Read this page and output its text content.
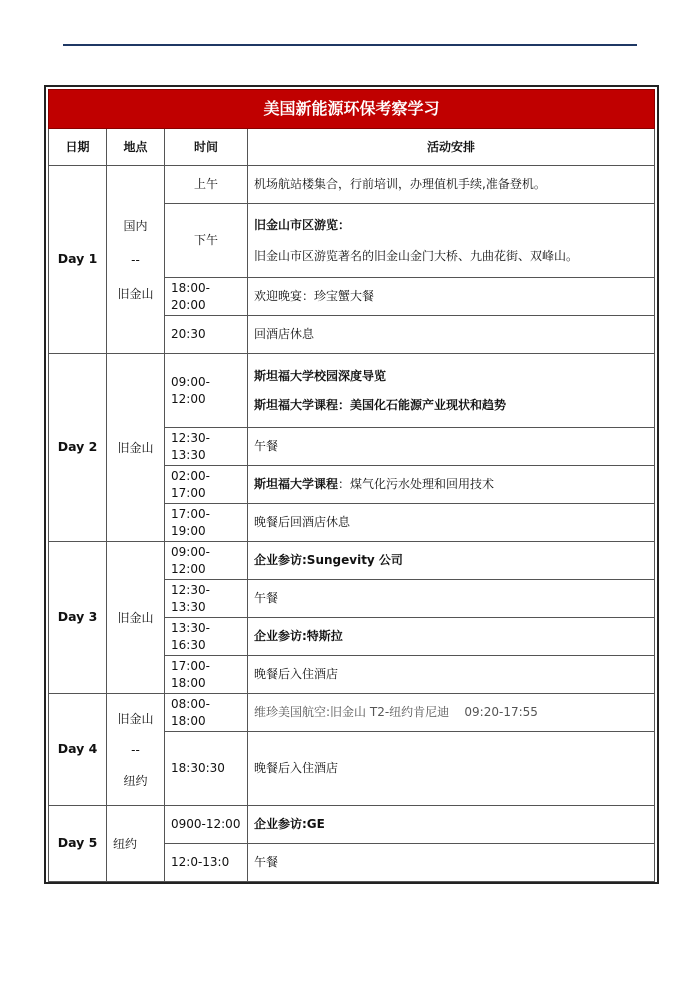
美国新能源环保考察学习			
日期	地点	时间	活动安排
Day 1	国内
--
旧金山	上午	机场航站楼集合，行前培训，办理值机手续,准备登机。

		下午	旧金山市区游览：

旧金山市区游览著名的旧金山金门大桥、九曲花街、双峰山。

		18:00-20:00	欢迎晚宴：珍宝蟹大餐

		20:30	回酒店休息

Day 2	旧金山	09:00-12:00	斯坦福大学校园深度导览

斯坦福大学课程：美国化石能源产业现状和趋势

		12:30-13:30	午餐

		02:00-17:00	斯坦福大学课程：煤气化污水处理和回用技术

		17:00-19:00	晚餐后回酒店休息

Day 3	旧金山	09:00-12:00	企业参访:Sungevity 公司

		12:30-13:30	午餐

		13:30-16:30	企业参访:特斯拉

		17:00-18:00	晚餐后入住酒店

Day 4	旧金山
--
纽约	08:00-18:00	维珍美国航空:旧金山 T2-纽约肯尼迪    09:20-17:55

		18:30:30	晚餐后入住酒店

Day 5	纽约	0900-12:00	企业参访:GE

		12:0-13:0	午餐
